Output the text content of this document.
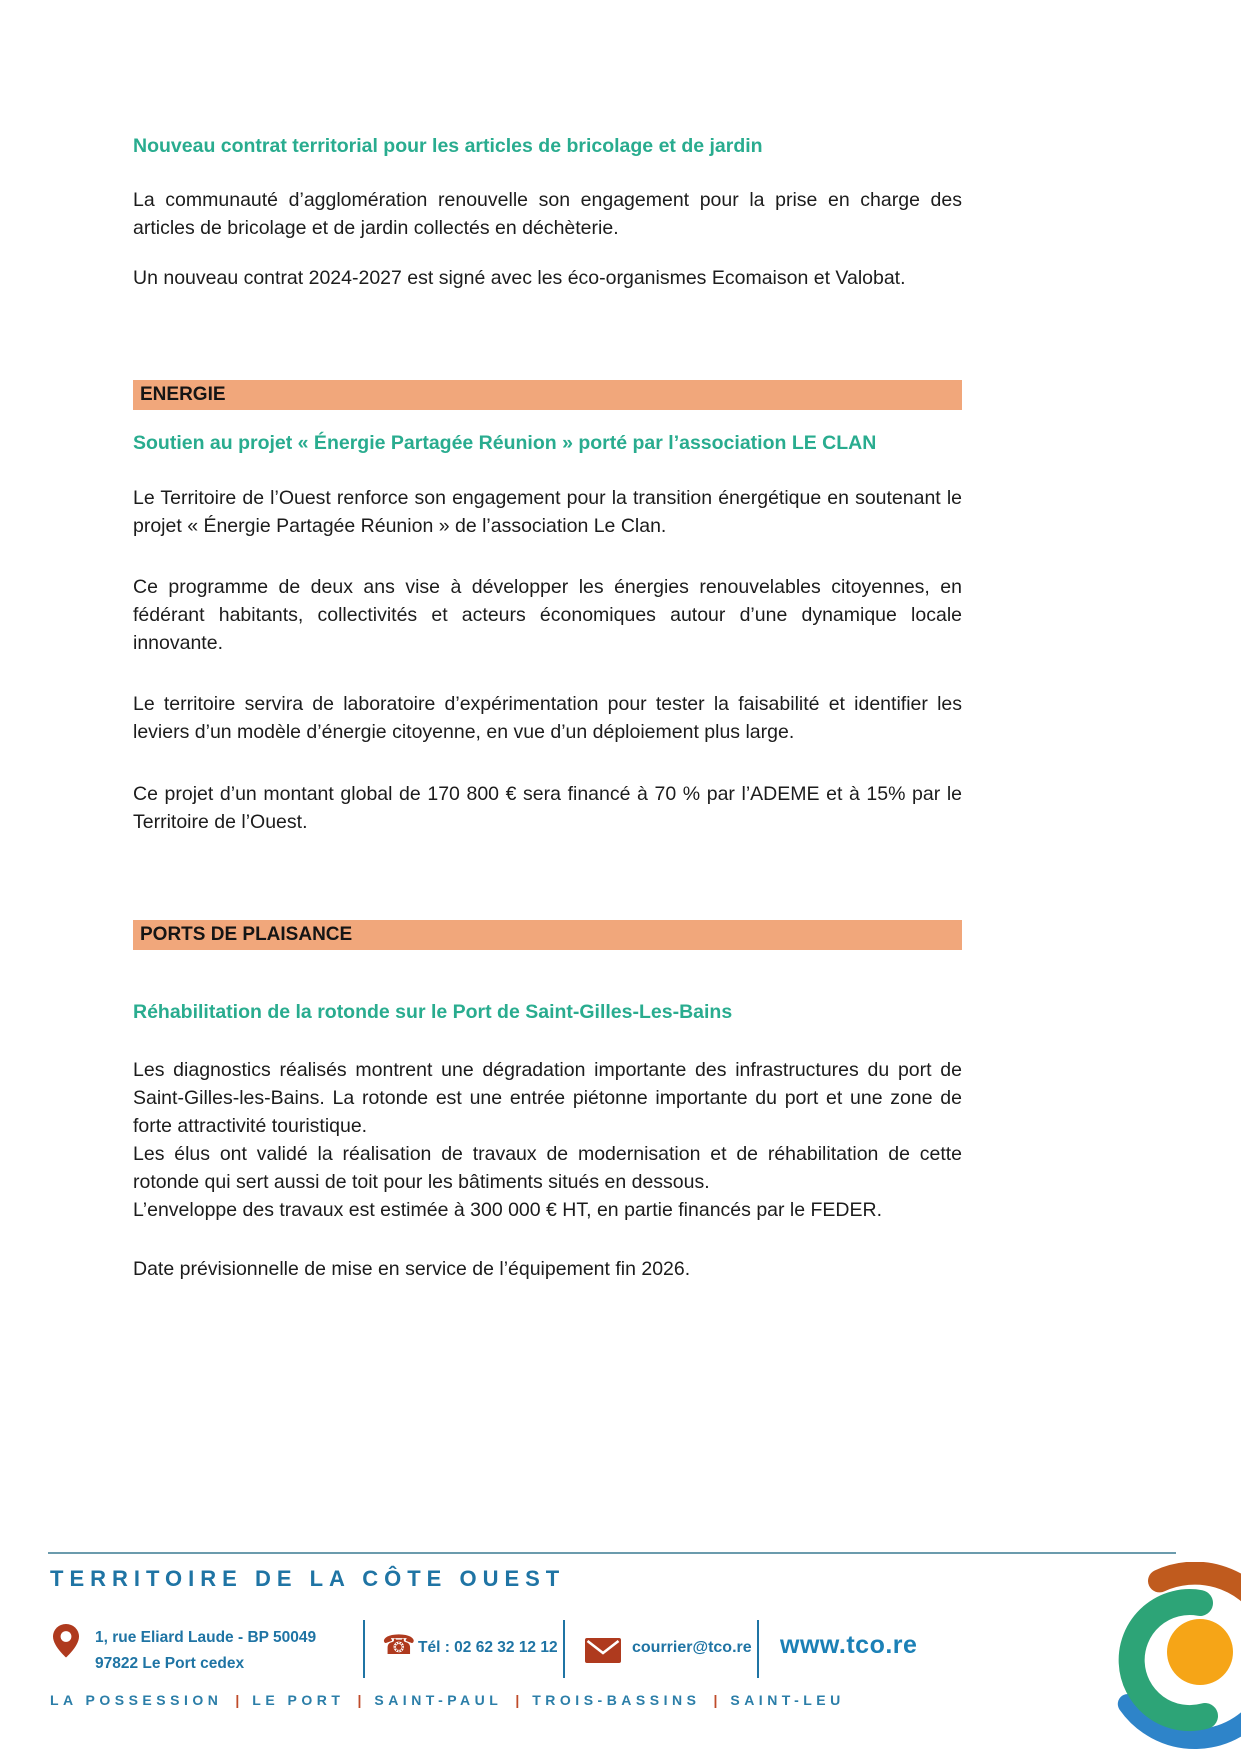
Nouveau contrat territorial pour les articles de bricolage et de jardin

La communauté d’agglomération renouvelle son engagement pour la prise en charge des articles de bricolage et de jardin collectés en déchèterie.

Un nouveau contrat 2024-2027 est signé avec les éco-organismes Ecomaison et Valobat.

ENERGIE
Soutien au projet « Énergie Partagée Réunion » porté par l’association LE CLAN

Le Territoire de l’Ouest renforce son engagement pour la transition énergétique en soutenant le projet « Énergie Partagée Réunion » de l’association Le Clan.

Ce programme de deux ans vise à développer les énergies renouvelables citoyennes, en fédérant habitants, collectivités et acteurs économiques autour d’une dynamique locale innovante.

Le territoire servira de laboratoire d’expérimentation pour tester la faisabilité et identifier les leviers d’un modèle d’énergie citoyenne, en vue d’un déploiement plus large.

Ce projet d’un montant global de 170 800 € sera financé à 70 % par l’ADEME et à 15% par le Territoire de l’Ouest.

PORTS DE PLAISANCE
Réhabilitation de la rotonde sur le Port de Saint-Gilles-Les-Bains

Les diagnostics réalisés montrent une dégradation importante des infrastructures du port de Saint-Gilles-les-Bains. La rotonde est une entrée piétonne importante du port et une zone de forte attractivité touristique.

Les élus ont validé la réalisation de travaux de modernisation et de réhabilitation de cette rotonde qui sert aussi de toit pour les bâtiments situés en dessous.

L’enveloppe des travaux est estimée à 300 000 € HT, en partie financés par le FEDER.

Date prévisionnelle de mise en service de l’équipement fin 2026.

TERRITOIRE DE LA CÔTE OUEST
1, rue Eliard Laude - BP 50049
97822 Le Port cedex
☎ Tél : 02 62 32 12 12	courrier@tco.re www.tco.re
LA POSSESSION | LE PORT | SAINT-PAUL | TROIS-BASSINS | SAINT-LEU
